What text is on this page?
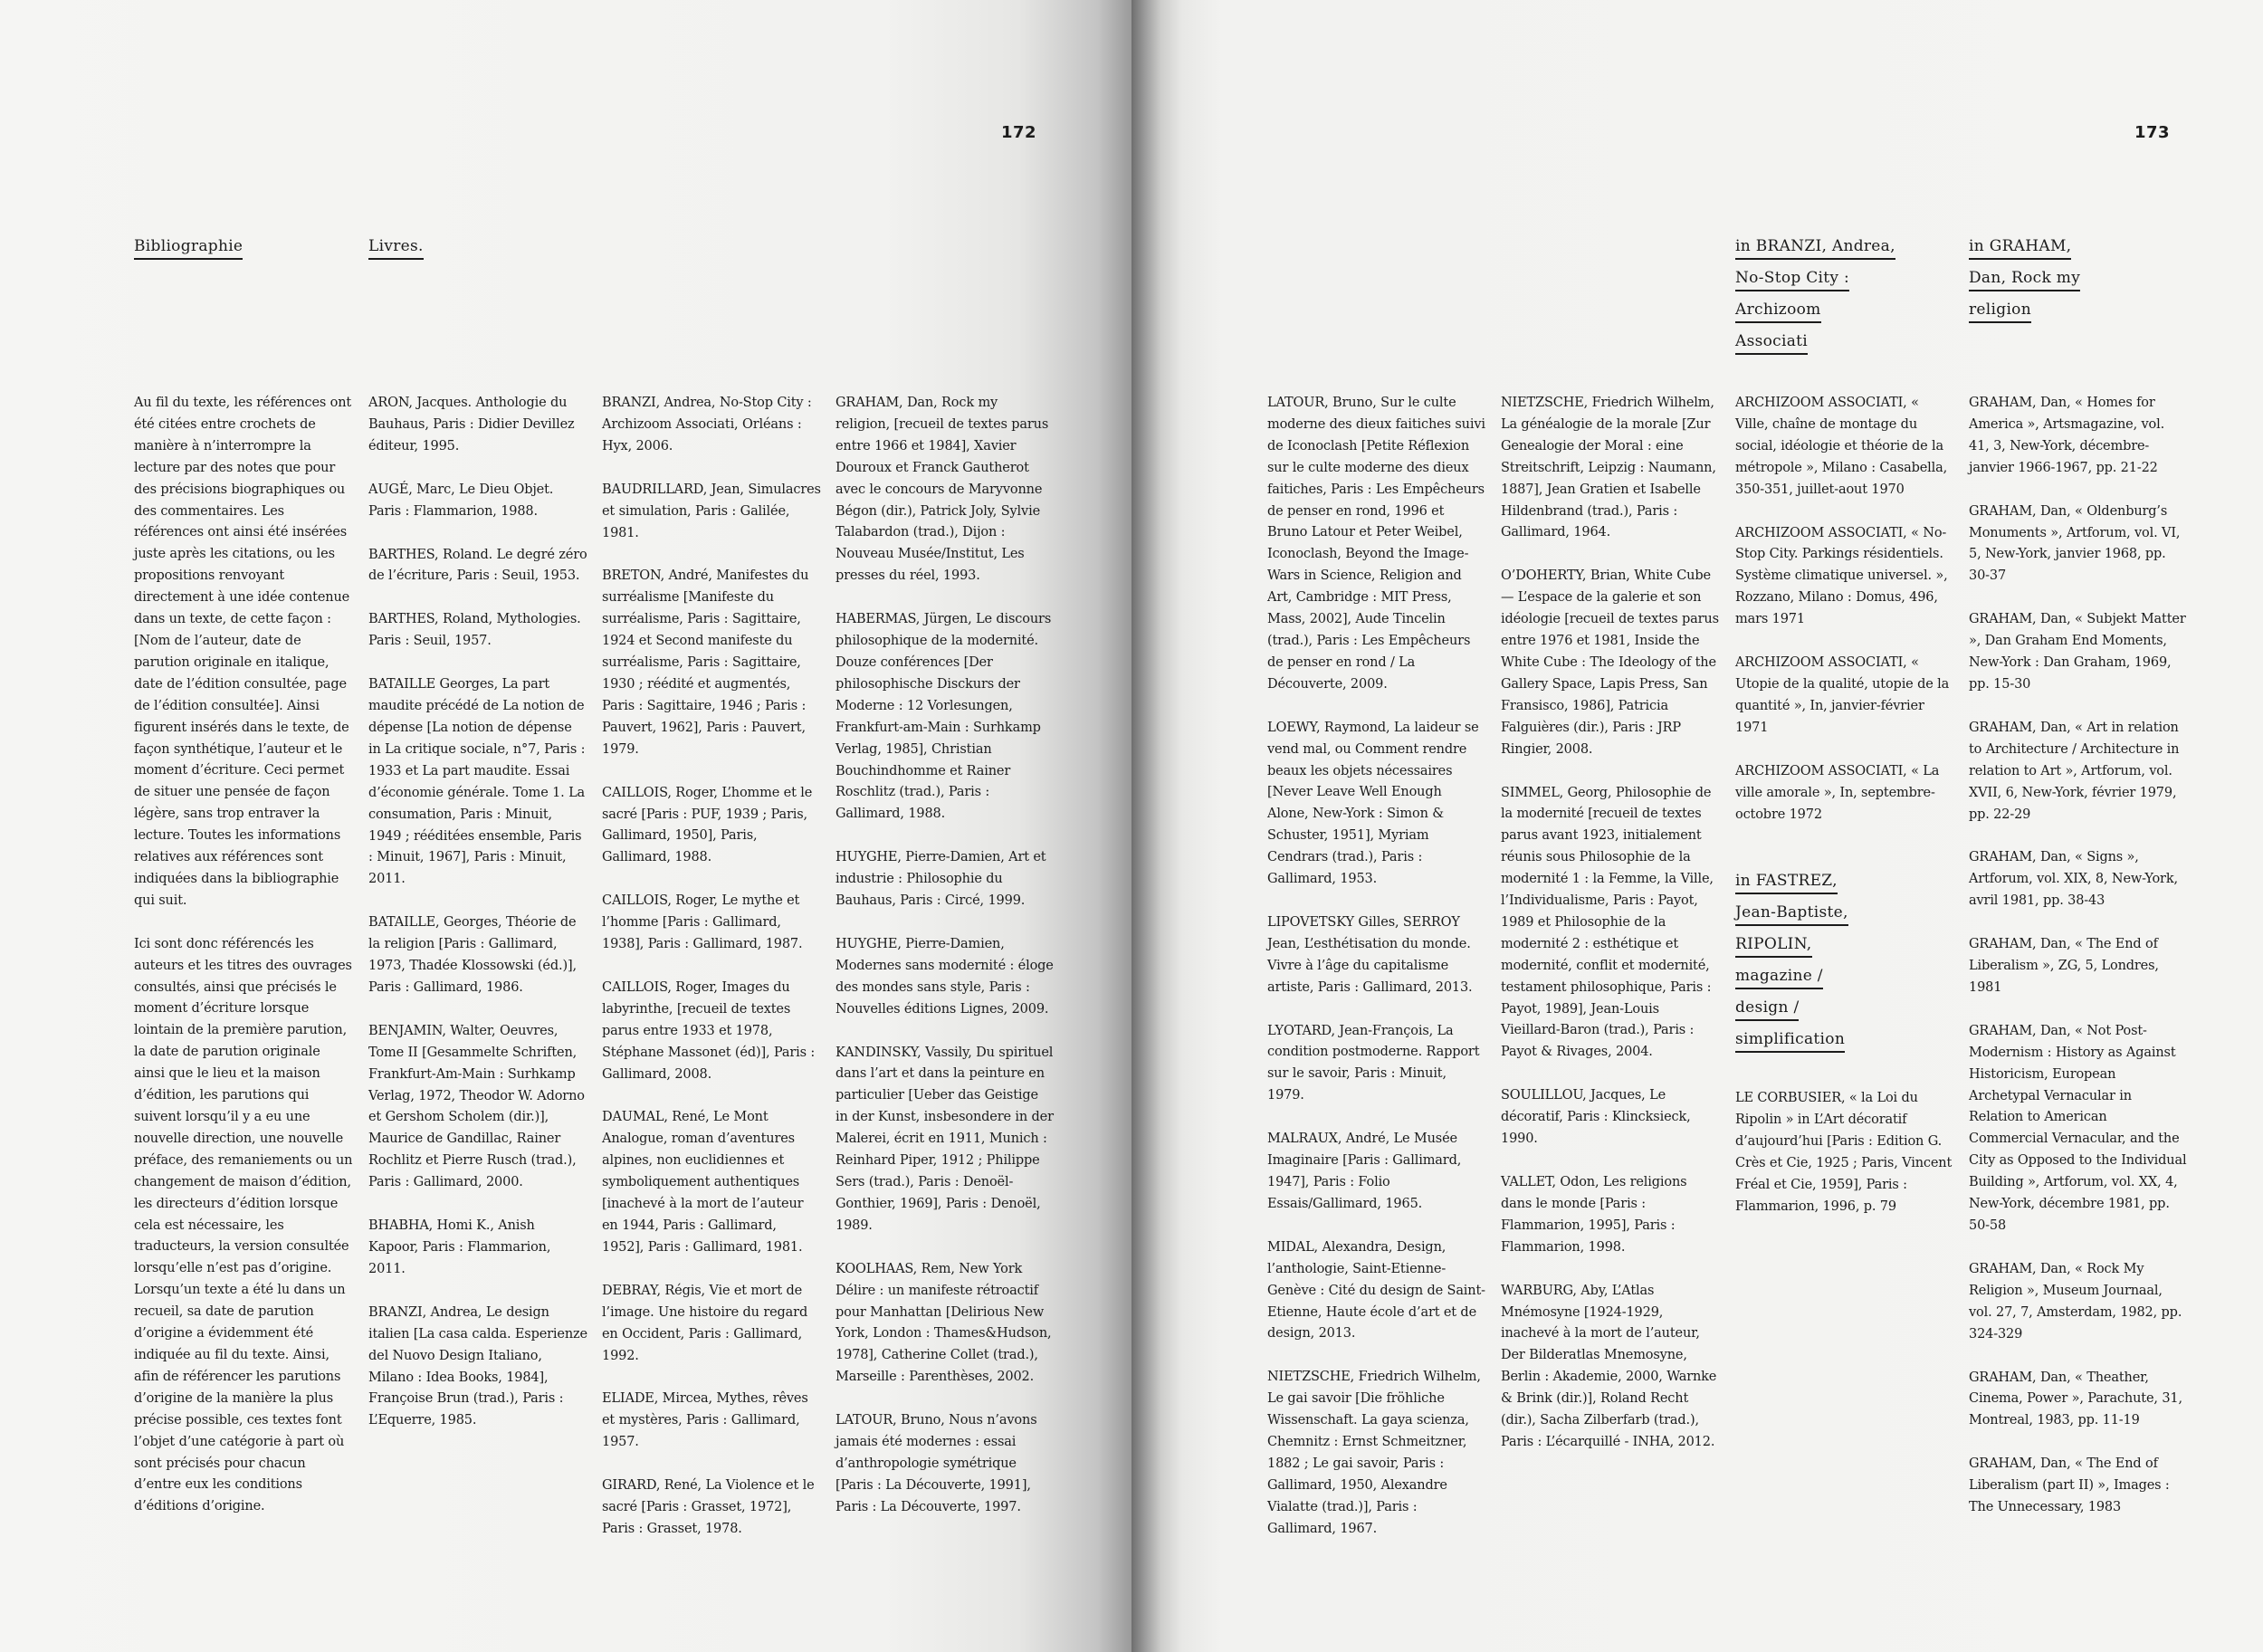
172
Bibliographie	Livres.

Au fil du texte, les références ont été citées entre crochets de manière à n’interrompre la lecture par des notes que pour des précisions biographiques ou des commentaires. Les références ont ainsi été insérées juste après les citations, ou les propositions renvoyant directement à une idée contenue dans un texte, de cette façon : [Nom de l’auteur, date de parution originale en italique, date de l’édition consultée, page de l’édition consultée]. Ainsi figurent insérés dans le texte, de façon synthétique, l’auteur et le moment d’écriture. Ceci permet de situer une pensée de façon légère, sans trop entraver la lecture. Toutes les informations relatives aux références sont indiquées dans la bibliographie qui suit.

Ici sont donc référencés les auteurs et les titres des ouvrages consultés, ainsi que précisés le moment d’écriture lorsque lointain de la première parution, la date de parution originale ainsi que le lieu et la maison d’édition, les parutions qui suivent lorsqu’il y a eu une nouvelle direction, une nouvelle préface, des remaniements ou un changement de maison d’édition, les directeurs d’édition lorsque cela est nécessaire, les traducteurs, la version consultée lorsqu’elle n’est pas d’origine. Lorsqu’un texte a été lu dans un recueil, sa date de parution d’origine a évidemment été indiquée au fil du texte. Ainsi, afin de référencer les parutions d’origine de la manière la plus précise possible, ces textes font l’objet d’une catégorie à part où sont précisés pour chacun d’entre eux les conditions d’éditions d’origine.

ARON, Jacques. Anthologie du Bauhaus, Paris : Didier Devillez éditeur, 1995.

AUGÉ, Marc, Le Dieu Objet. Paris : Flammarion, 1988.

BARTHES, Roland. Le degré zéro de l’écriture, Paris : Seuil, 1953.

BARTHES, Roland, Mythologies. Paris : Seuil, 1957.

BATAILLE Georges, La part maudite précédé de La notion de dépense [La notion de dépense in La critique sociale, n°7, Paris : 1933 et La part maudite. Essai d’économie générale. Tome 1. La consumation, Paris : Minuit, 1949 ; rééditées ensemble, Paris : Minuit, 1967], Paris : Minuit, 2011.

BATAILLE, Georges, Théorie de la religion [Paris : Gallimard, 1973, Thadée Klossowski (éd.)], Paris : Gallimard, 1986.

BENJAMIN, Walter, Oeuvres, Tome II [Gesammelte Schriften, Frankfurt-Am-Main : Surhkamp Verlag, 1972, Theodor W. Adorno et Gershom Scholem (dir.)], Maurice de Gandillac, Rainer Rochlitz et Pierre Rusch (trad.), Paris : Gallimard, 2000.

BHABHA, Homi K., Anish Kapoor, Paris : Flammarion, 2011.

BRANZI, Andrea, Le design italien [La casa calda. Esperienze del Nuovo Design Italiano, Milano : Idea Books, 1984], Françoise Brun (trad.), Paris : L’Equerre, 1985.

BRANZI, Andrea, No-Stop City : Archizoom Associati, Orléans : Hyx, 2006.

BAUDRILLARD, Jean, Simulacres et simulation, Paris : Galilée, 1981.

BRETON, André, Manifestes du surréalisme [Manifeste du surréalisme, Paris : Sagittaire, 1924 et Second manifeste du surréalisme, Paris : Sagittaire, 1930 ; réédité et augmentés, Paris : Sagittaire, 1946 ; Paris : Pauvert, 1962], Paris : Pauvert, 1979.

CAILLOIS, Roger, L’homme et le sacré [Paris : PUF, 1939 ; Paris, Gallimard, 1950], Paris, Gallimard, 1988.

CAILLOIS, Roger, Le mythe et l’homme [Paris : Gallimard, 1938], Paris : Gallimard, 1987.

CAILLOIS, Roger, Images du labyrinthe, [recueil de textes parus entre 1933 et 1978, Stéphane Massonet (éd)], Paris : Gallimard, 2008.

DAUMAL, René, Le Mont Analogue, roman d’aventures alpines, non euclidiennes et symboliquement authentiques [inachevé à la mort de l’auteur en 1944, Paris : Gallimard, 1952], Paris : Gallimard, 1981.

DEBRAY, Régis, Vie et mort de l’image. Une histoire du regard en Occident, Paris : Gallimard, 1992.

ELIADE, Mircea, Mythes, rêves et mystères, Paris : Gallimard, 1957.

GIRARD, René, La Violence et le sacré [Paris : Grasset, 1972], Paris : Grasset, 1978.

GRAHAM, Dan, Rock my religion, [recueil de textes parus entre 1966 et 1984], Xavier Douroux et Franck Gautherot avec le concours de Maryvonne Bégon (dir.), Patrick Joly, Sylvie Talabardon (trad.), Dijon : Nouveau Musée/Institut, Les presses du réel, 1993.

HABERMAS, Jürgen, Le discours philosophique de la modernité. Douze conférences [Der philosophische Disckurs der Moderne : 12 Vorlesungen, Frankfurt-am-Main : Surhkamp Verlag, 1985], Christian Bouchindhomme et Rainer Roschlitz (trad.), Paris : Gallimard, 1988.

HUYGHE, Pierre-Damien, Art et industrie : Philosophie du Bauhaus, Paris : Circé, 1999.

HUYGHE, Pierre-Damien, Modernes sans modernité : éloge des mondes sans style, Paris : Nouvelles éditions Lignes, 2009.

KANDINSKY, Vassily, Du spirituel dans l’art et dans la peinture en particulier [Ueber das Geistige in der Kunst, insbesondere in der Malerei, écrit en 1911, Munich : Reinhard Piper, 1912 ; Philippe Sers (trad.), Paris : Denoël-Gonthier, 1969], Paris : Denoël, 1989.

KOOLHAAS, Rem, New York Délire : un manifeste rétroactif pour Manhattan [Delirious New York, London : Thames&Hudson, 1978], Catherine Collet (trad.), Marseille : Parenthèses, 2002.

LATOUR, Bruno, Nous n’avons jamais été modernes : essai d’anthropologie symétrique [Paris : La Découverte, 1991], Paris : La Découverte, 1997.

173
in BRANZI, Andrea, No-Stop City : Archizoom Associati
in GRAHAM, Dan, Rock my religion

LATOUR, Bruno, Sur le culte moderne des dieux faitiches suivi de Iconoclash [Petite Réflexion sur le culte moderne des dieux faitiches, Paris : Les Empêcheurs de penser en rond, 1996 et Bruno Latour et Peter Weibel, Iconoclash, Beyond the Image-Wars in Science, Religion and Art, Cambridge : MIT Press, Mass, 2002], Aude Tincelin (trad.), Paris : Les Empêcheurs de penser en rond / La Découverte, 2009.

LOEWY, Raymond, La laideur se vend mal, ou Comment rendre beaux les objets nécessaires [Never Leave Well Enough Alone, New-York : Simon & Schuster, 1951], Myriam Cendrars (trad.), Paris : Gallimard, 1953.

LIPOVETSKY Gilles, SERROY Jean, L’esthétisation du monde. Vivre à l’âge du capitalisme artiste, Paris : Gallimard, 2013.

LYOTARD, Jean-François, La condition postmoderne. Rapport sur le savoir, Paris : Minuit, 1979.

MALRAUX, André, Le Musée Imaginaire [Paris : Gallimard, 1947], Paris : Folio Essais/Gallimard, 1965.

MIDAL, Alexandra, Design, l’anthologie, Saint-Etienne-Genève : Cité du design de Saint-Etienne, Haute école d’art et de design, 2013.

NIETZSCHE, Friedrich Wilhelm, Le gai savoir [Die fröhliche Wissenschaft. La gaya scienza, Chemnitz : Ernst Schmeitzner, 1882 ; Le gai savoir, Paris : Gallimard, 1950, Alexandre Vialatte (trad.)], Paris : Gallimard, 1967.

NIETZSCHE, Friedrich Wilhelm, La généalogie de la morale [Zur Genealogie der Moral : eine Streitschrift, Leipzig : Naumann, 1887], Jean Gratien et Isabelle Hildenbrand (trad.), Paris : Gallimard, 1964.

O’DOHERTY, Brian, White Cube — L’espace de la galerie et son idéologie [recueil de textes parus entre 1976 et 1981, Inside the White Cube : The Ideology of the Gallery Space, Lapis Press, San Fransisco, 1986], Patricia Falguières (dir.), Paris : JRP Ringier, 2008.

SIMMEL, Georg, Philosophie de la modernité [recueil de textes parus avant 1923, initialement réunis sous Philosophie de la modernité 1 : la Femme, la Ville, l’Individualisme, Paris : Payot, 1989 et Philosophie de la modernité 2 : esthétique et modernité, conflit et modernité, testament philosophique, Paris : Payot, 1989], Jean-Louis Vieillard-Baron (trad.), Paris : Payot & Rivages, 2004.

SOULILLOU, Jacques, Le décoratif, Paris : Klincksieck, 1990.

VALLET, Odon, Les religions dans le monde [Paris : Flammarion, 1995], Paris : Flammarion, 1998.

WARBURG, Aby, L’Atlas Mnémosyne [1924-1929, inachevé à la mort de l’auteur, Der Bilderatlas Mnemosyne, Berlin : Akademie, 2000, Warnke & Brink (dir.)], Roland Recht (dir.), Sacha Zilberfarb (trad.), Paris : L’écarquillé - INHA, 2012.

ARCHIZOOM ASSOCIATI, « Ville, chaîne de montage du social, idéologie et théorie de la métropole », Milano : Casabella, 350-351, juillet-aout 1970

ARCHIZOOM ASSOCIATI, « No-Stop City. Parkings résidentiels. Système climatique universel. », Rozzano, Milano : Domus, 496, mars 1971

ARCHIZOOM ASSOCIATI, « Utopie de la qualité, utopie de la quantité », In, janvier-février 1971

ARCHIZOOM ASSOCIATI, « La ville amorale », In, septembre-octobre 1972

in FASTREZ, Jean-Baptiste, RIPOLIN, magazine / design / simplification

LE CORBUSIER, « la Loi du Ripolin » in L’Art décoratif d’aujourd’hui [Paris : Edition G. Crès et Cie, 1925 ; Paris, Vincent Fréal et Cie, 1959], Paris : Flammarion, 1996, p. 79

GRAHAM, Dan, « Homes for America », Artsmagazine, vol. 41, 3, New-York, décembre-janvier 1966-1967, pp. 21-22

GRAHAM, Dan, « Oldenburg’s Monuments », Artforum, vol. VI, 5, New-York, janvier 1968, pp. 30-37

GRAHAM, Dan, « Subjekt Matter », Dan Graham End Moments, New-York : Dan Graham, 1969, pp. 15-30

GRAHAM, Dan, « Art in relation to Architecture / Architecture in relation to Art », Artforum, vol. XVII, 6, New-York, février 1979, pp. 22-29

GRAHAM, Dan, « Signs », Artforum, vol. XIX, 8, New-York, avril 1981, pp. 38-43

GRAHAM, Dan, « The End of Liberalism », ZG, 5, Londres, 1981

GRAHAM, Dan, « Not Post-Modernism : History as Against Historicism, European Archetypal Vernacular in Relation to American Commercial Vernacular, and the City as Opposed to the Individual Building », Artforum, vol. XX, 4, New-York, décembre 1981, pp. 50-58

GRAHAM, Dan, « Rock My Religion », Museum Journaal, vol. 27, 7, Amsterdam, 1982, pp. 324-329

GRAHAM, Dan, « Theather, Cinema, Power », Parachute, 31, Montreal, 1983, pp. 11-19

GRAHAM, Dan, « The End of Liberalism (part II) », Images : The Unnecessary, 1983
